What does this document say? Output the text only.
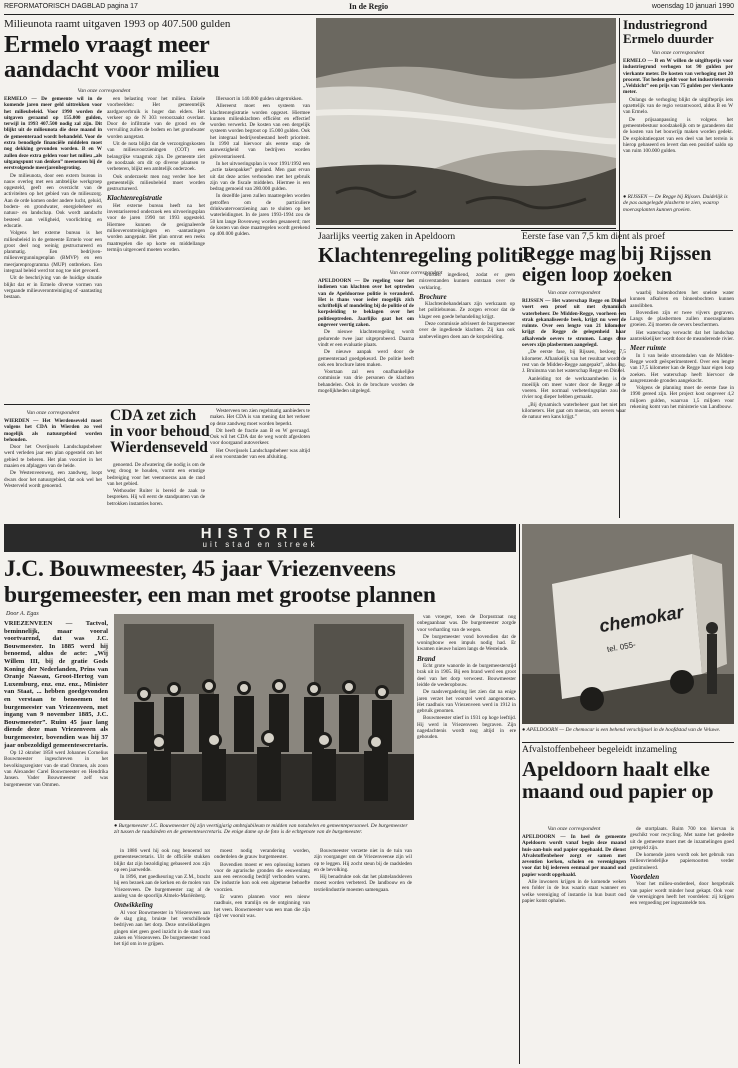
REFORMATORISCH DAGBLAD pagina 17	In de Regio	woensdag 10 januari 1990
Milieunota raamt uitgaven 1993 op 407.500 gulden
Ermelo vraagt meer aandacht voor milieu
Van onze correspondent

ERMELO — De gemeente wil in de komende jaren meer geld uittrekken voor het milieubeleid. Voor 1990 worden de uitgaven geraamd op 155.000 gulden, terwijl in 1993 407.500 nodig zal zijn. Dit blijkt uit de milieunota die deze maand in de gemeenteraad wordt behandeld. Voor de extra benodigde financiële middelen moet nog dekking gevonden worden. B en W zullen deze extra gelden voor het milieu „als uitgangspunt van denken” meenemen bij de eerstvolgende meerjarenbegroting.

De milieunota, door een extern bureau in nauw overleg met een ambtelijke werkgroep opgesteld, geeft een overzicht van de activiteiten op het gebied van de milieuzorg. Aan de orde komen onder andere lucht, geluid, bodem- en grondwater, energiebeheer en natuur- en landschap. Ook wordt aandacht besteed aan veiligheid, voorlichting en educatie.

Volgens het externe bureau is het milieubeleid in de gemeente Ermelo voor een groot deel nog weinig gestructureerd en planmatig. Een bedrijven-milieuvergunningenplan (BMVP) en een meerjarenprogramma (MUP) ontbreken. Een integraal beleid werd tot nog toe niet gevoerd.

Uit de beschrijving van de huidige situatie blijkt dat er in Ermelo diverse vormen van vergaande milieuverontreiniging of -aantasting bestaan.

een belasting voor het milieu. Enkele voorbeelden: Het gemeentelijk aardgasverbruik is hoger dan elders. Het verkeer op de N 303 veroorzaakt overlast. Door de infiltratie van de grond en de vervuiling zullen de bodem en het grondwater worden aangetast.

Uit de nota blijkt dat de verzorgingskosten van milieuvoorzieningen (COT) een belangrijke vraagstuk zijn. De gemeente ziet de noodzaak om dit op diverse plaatsen te verbeteren, blijkt een ambtelijk onderzoek.

Ook onderzoekt men nog verder hoe het gemeentelijk milieubeleid moet worden gestructureerd.

Klachtenregistratie

Het externe bureau heeft na het inventariserend onderzoek een uitvoeringsplan voor de jaren 1990 tot 1993 opgesteld. Hiermee kunnen de gesignaleerde milieuverontreinigingen en -aantastingen worden aangepakt. Het plan omvat een reeks maatregelen die op korte en middellange termijn uitgevoerd moeten worden.

Illersoort in 140.000 gulden uitgetrokken.

Allereerst moet een systeem van klachtenregistratie worden opgezet. Hiermee kunnen milieuklachten efficiënt en effectief worden verwerkt. De kosten van een dergelijk systeem worden begroot op 15.000 gulden. Ook het integraal bedrijvenbestand heeft prioriteit. In 1990 zal hiervoor als eerste stap de aanwezigheid van bedrijven worden geïnventariseerd.

In het uitvoeringsplan is voor 1991/1992 een „actie takenpakket” gepland. Men gaat ervan uit dat deze acties verbonden met het gebruik zijn van de fiscale middelen. Hiermee is een bedrag gemoeid van 280.000 gulden.

In dezelfde jaren zullen maatregelen worden getroffen om de particuliere drinkwatervoorziening aan te sluiten op het waterleidingnet. In de jaren 1993-1994 zou de 50 km lange Bovenweg worden gesaneerd; met de kosten van deze maatregelen wordt gerekend op 400.000 gulden.

Van onze correspondent

WIERDEN — Het Wierdenseveld moet volgens het CDA in Wierden zo veel mogelijk als natuurgebied worden behouden.

Door het Overijssels Landschapsbeheer werd verleden jaar een plan opgesteld om het gebied te beheren. Het plan voorziet in het maaien en afplaggen van de heide.

De Westenveenweg, een zandweg, loopt dwars door het natuurgebied, dat ook wel het Westerveld wordt genoemd.

CDA zet zich in voor behoud Wierdenseveld

genoemd. De afwatering die nodig is om de weg droog te houden, vormt een ernstige bedreiging voor het veenmoeras aan de rand van het gebied.

Wethouder Ruiter is bereid de zaak te bespreken. Hij wil eerst de standpunten van de betrokken instanties horen.

Westerveen ten zien regelmatig aanbieders te maken. Het CDA is van mening dat het verkeer op deze zandweg moet worden beperkt.

Dit heeft de fractie aan B en W gevraagd. Ook wil het CDA dat de weg wordt afgesloten voor doorgaand autoverkeer.

Het Overijssels Landschapsbeheer was altijd al een voorstander van een afsluiting.

Jaarlijks veertig zaken in Apeldoorn
Klachtenregeling politie
Van onze correspondent

APELDOORN — De regeling voor het indienen van klachten over het optreden van de Apeldoornse politie is veranderd. Het is thans voor ieder mogelijk zich schriftelijk of mondeling bij de politie of de korpsleiding te beklagen over het politieoptreden. Jaarlijks gaat het om ongeveer veertig zaken.

De nieuwe klachtenregeling wordt gedurende twee jaar uitgeprobeerd. Daarna vindt er een evaluatie plaats.

De nieuwe aanpak werd door de gemeenteraad goedgekeurd. De politie heeft ook een brochure laten maken.

Voortaan zal een onafhankelijke commissie van drie personen de klachten behandelen. Ook in de brochure worden de mogelijkheden uitgelegd.

worden ingediend, zodat er geen misverstanden kunnen ontstaan over de verklaring.

Brochure

Klachtenbehandelaars zijn werkzaam op het politiebureau. Ze zorgen ervoor dat de klager een goede behandeling krijgt.

Deze commissie adviseert de burgemeester over de ingediende klachten. Zij kan ook aanbevelingen doen aan de korpsleiding.

Industriegrond Ermelo duurder
Van onze correspondent

ERMELO — B en W willen de uitgifteprijs voor industriegrond verhogen tot 90 gulden per vierkante meter. De kosten van verhoging met 20 procent. Tot heden geldt voor het industrieterrein „Veldzicht” een prijs van 75 gulden per vierkante meter.

Onlangs de verhoging blijkt de uitgifteprijs iets opzettelijk van de regio verantwoord, aldus B en W van Ermelo.

De prijsaanpassing is volgens het gemeentebestuur noodzakelijk om te garanderen dat de kosten van het bouwrijp maken worden gedekt. De exploitatieopzet van een deel van het terrein is hierop gebaseerd en levert dan een positief saldo op van ruim 100.000 gulden.

● RIJSSEN — De Regge bij Rijssen. Duidelijk is de pas aangelegde plasberm te zien, waarop moerasplanten kunnen groeien.
Eerste fase van 7,5 km dient als proef
Regge mag bij Rijssen eigen loop zoeken
Van onze correspondent

RIJSSEN — Het waterschap Regge en Dinkel voert een proef uit met dynamisch waterbeheer. De Midden-Regge, voorheen een strak gekanaliseerde beek, krijgt nu weer de ruimte. Over een lengte van 21 kilometer krijgt de Regge de gelegenheid haar afkalvende oevers te stromen. Langs deze oevers zijn plasbermen aangelegd.

„De eerste fase, bij Rijssen, besloeg 7,5 kilometer. Afhankelijk van het resultaat wordt de rest van de Midden-Regge aangepakt”, aldus ing. J. Bruinsma van het waterschap Regge en Dinkel.

Aanleiding tot de werkzaamheden is de moeilijk om meer water door de Regge af te voeren. Het normaal verbeteringsplan zou de rivier nog dieper hebben gemaakt.

„Bij dynamisch waterbeheer gaat het niet om kilometers. Het gaat om moeras, om oevers waar de natuur een kans krijgt.”

waarbij buitenbochten het snelste water kunnen afkalven en binnenbochten kunnen aanslibben.

Bovendien zijn er twee vijvers gegraven. Langs de plasbermen zullen moerasplanten groeien. Zij moeten de oevers beschermen.

Het waterschap verwacht dat het landschap aantrekkelijker wordt door de meanderende rivier.

Meer ruimte

In 1 van beide stroomdalen van de Midden-Regge wordt geëxperimenteerd. Over een lengte van 17,5 kilometer kan de Regge haar eigen loop zoeken. Het waterschap heeft hiervoor de aangrenzende gronden aangekocht.

Volgens de planning moet de eerste fase in 1990 gereed zijn. Het project kost ongeveer 4,2 miljoen gulden, waarvan 1,5 miljoen voor rekening komt van het ministerie van Landbouw.

HISTORIE
uit stad en streek
J.C. Bouwmeester, 45 jaar Vriezenveens
burgemeester, een man met grootse plannen
Door A. Egas

VRIEZENVEEN — Tactvol, beminnelijk, maar vooral voortvarend, dat was J.C. Bouwmeester. In 1885 werd hij benoemd, aldus de acte: „Wij Willem III, bij de gratie Gods Koning der Nederlanden, Prins van Oranje Nassau, Groot-Hertog van Luxemburg, enz. enz. enz., Minister van Staat, ... hebben goedgevonden en verstaan te benoemen tot burgemeester van Vriezenveen, met ingang van 9 november 1885, J.C. Bouwmeester”. Ruim 45 jaar lang diende deze man Vriezenveen als burgemeester, bovendien was hij 37 jaar onbezoldigd gemeentesecretaris.

Op 12 oktober 1858 werd Johannes Cornelius Bouwmeester ingeschreven in het bevolkingsregister van de stad Ommen, als zoon van Alexander Carel Bouwmeester en Hendrika Jansen. Vader Bouwmeester zelf was burgemeester van Ommen.

● Burgemeester J.C. Bouwmeester bij zijn veertigjarig ambtsjubileum te midden van notabelen en gemeentepersoneel. De burgemeester zit tussen de raadsleden en de gemeentesecretaris. De enige dame op de foto is de echtgenote van de burgemeester.

in 1886 werd hij ook nog benoemd tot gemeentesecretaris. Uit de officiële stukken blijkt dat zijn bezoldiging gebaseerd zou zijn op een jaarwedde.

In 1896, met goedkeuring van Z.M., bracht hij een bezoek aan de kerken en de molen van Vriezenveen. De burgemeester zag al de aanleg van de spoorlijn Almelo-Mariënberg.

Ontwikkeling

Al voor Bouwmeester in Vriezenveen aan de slag ging, bruiste het verschillende bedrijven aan het dorp. Deze ontwikkelingen gingen niet geen goed inzicht in de stand van zaken en Vriezenveen. De burgemeester vond het tijd om in te grijpen.

moest nodig verandering worden, onderdelen de grauw burgemeester.

Bovendien moest er een oplossing komen voor de agrarische gronden die eeuwenlang aan een eenvoudig bedrijf verbonden waren. De industrie kon ook een algemene behoefte voorzien.

Er waren plannen voor een nieuw raadhuis, een tramlijn en de ontginning van het veen. Bouwmeester was een man die zijn tijd ver vooruit was.

Bouwmeester verzette niet in de tuin van zijn voorganger om de Vriezenveense zijn wil op te leggen. Hij zocht steun bij de raadsleden en de bevolking.

Hij benadrukte ook dat het plattelandsleven moest worden verbeterd. De landbouw en de textielindustrie moesten samengaan.

van vroeger, toen de Dorpsstraat nog onbegaanbaar was. De burgemeester zorgde voor verharding van de wegen.

De burgemeester vond bovendien dat de woningbouw een impuls nodig had. Er kwamen nieuwe huizen langs de Westeinde.

Brand

Echt grote wanorde in de burgemeesterstijd brak uit in 1905. Bij een brand werd een groot deel van het dorp verwoest. Bouwmeester leidde de wederopbouw.

De raadsvergadering liet zien dat na enige jaren verzet het voorstel werd aangenomen. Het raadhuis van Vriezenveen werd in 1912 in gebruik genomen.

Bouwmeester stierf in 1931 op hoge leeftijd. Hij werd in Vriezenveen begraven. Zijn nagedachtenis wordt nog altijd in ere gehouden.

chemokar
tel. 055-
● APELDOORN — De chemocar is een behend verschijnsel in de hoofdstad van de Veluwe.
Afvalstoffenbeheer begeleidt inzameling
Apeldoorn haalt elke maand oud papier op
Van onze correspondent

APELDOORN — In heel de gemeente Apeldoorn wordt vanaf begin deze maand huis-aan-huis oud papier opgehaald. De dienst Afvalstoffenbeheer zorgt er samen met zeventien kerken, scholen en verenigingen voor dat bij iedereen eenmaal per maand oud papier wordt opgehaald.

Alle inwoners krijgen in de komende weken een folder in de bus waarin staat wanneer en welke vereniging of instantie in hun buurt oud papier komt ophalen.

de stortplaats. Ruim 700 ton hiervan is geschikt voor recycling. Met name het gedeelte uit de gemeente moet met de inzamelingen goed geregeld zijn.

De komende jaren wordt ook het gebruik van milieuvriendelijke papiersoorten verder gestimuleerd.

Voordelen

Voor het milieu-onderdeel, door hergebruik van papier wordt minder hout gekapt. Ook voor de verenigingen heeft het voordelen: zij krijgen een vergoeding per ingezamelde ton.
